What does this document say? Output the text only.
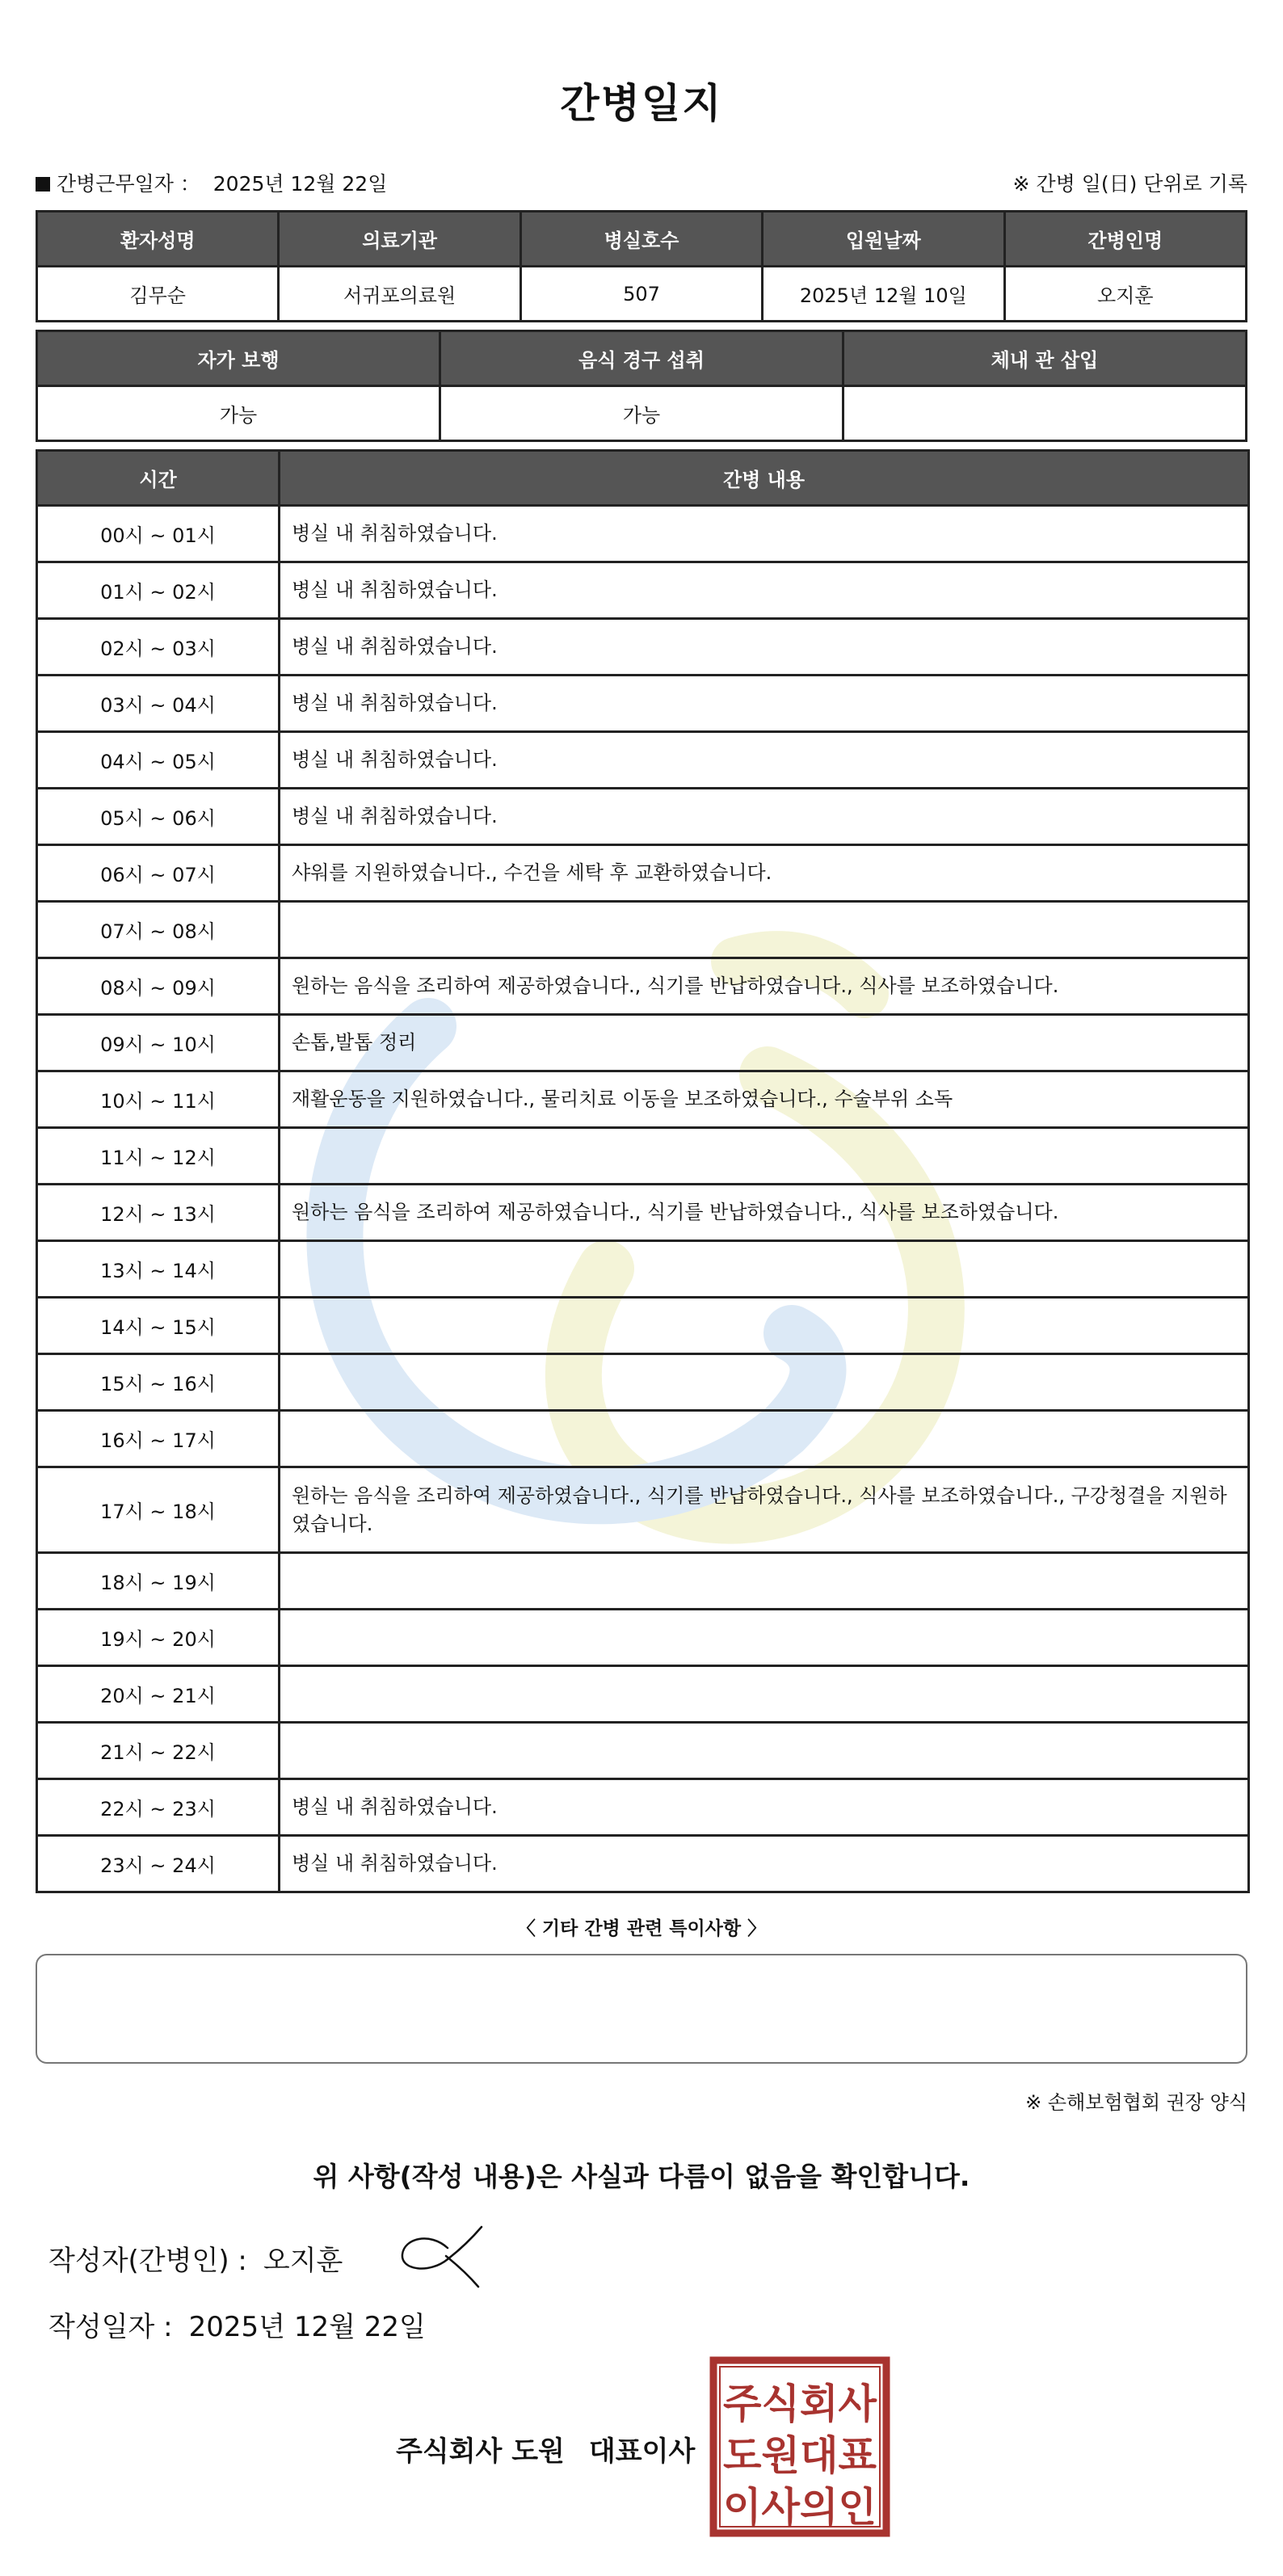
간병일지
간병근무일자 ： 2025년 12월 22일	※ 간병 일(日) 단위로 기록
환자성명	의료기관	병실호수	입원날짜	간병인명
김무순	서귀포의료원	507	2025년 12월 10일	오지훈
자가 보행	음식 경구 섭취	체내 관 삽입
가능	가능	
시간	간병 내용
00시 ~ 01시	병실 내 취침하였습니다.
01시 ~ 02시	병실 내 취침하였습니다.
02시 ~ 03시	병실 내 취침하였습니다.
03시 ~ 04시	병실 내 취침하였습니다.
04시 ~ 05시	병실 내 취침하였습니다.
05시 ~ 06시	병실 내 취침하였습니다.
06시 ~ 07시	샤워를 지원하였습니다., 수건을 세탁 후 교환하였습니다.
07시 ~ 08시	
08시 ~ 09시	원하는 음식을 조리하여 제공하였습니다., 식기를 반납하였습니다., 식사를 보조하였습니다.
09시 ~ 10시	손톱,발톱 정리
10시 ~ 11시	재활운동을 지원하였습니다., 물리치료 이동을 보조하였습니다., 수술부위 소독
11시 ~ 12시	
12시 ~ 13시	원하는 음식을 조리하여 제공하였습니다., 식기를 반납하였습니다., 식사를 보조하였습니다.
13시 ~ 14시	
14시 ~ 15시	
15시 ~ 16시	
16시 ~ 17시	
17시 ~ 18시	원하는 음식을 조리하여 제공하였습니다., 식기를 반납하였습니다., 식사를 보조하였습니다., 구강청결을 지원하였습니다.
18시 ~ 19시	
19시 ~ 20시	
20시 ~ 21시	
21시 ~ 22시	
22시 ~ 23시	병실 내 취침하였습니다.
23시 ~ 24시	병실 내 취침하였습니다.
〈 기타 간병 관련 특이사항 〉
※ 손해보험협회 권장 양식
위 사항(작성 내용)은 사실과 다름이 없음을 확인합니다.
작성자(간병인) : 오지훈
작성일자 : 2025년 12월 22일
주식회사 도원 대표이사
주식회사
도원대표
이사의인
